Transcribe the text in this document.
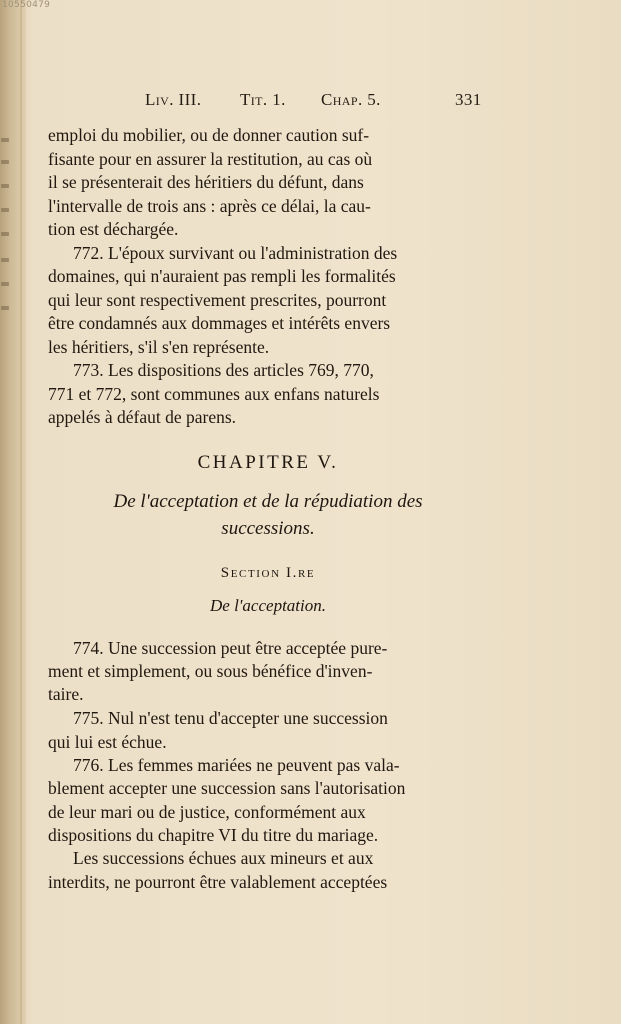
10550479
Liv. III. Tit. 1. Chap. 5.	331
emploi du mobilier, ou de donner caution suf-
fisante pour en assurer la restitution, au cas où
il se présenterait des héritiers du défunt, dans
l'intervalle de trois ans : après ce délai, la cau-
tion est déchargée.
772. L'époux survivant ou l'administration des
domaines, qui n'auraient pas rempli les formalités
qui leur sont respectivement prescrites, pourront
être condamnés aux dommages et intérêts envers
les héritiers, s'il s'en représente.
773. Les dispositions des articles 769, 770,
771 et 772, sont communes aux enfans naturels
appelés à défaut de parens.
CHAPITRE V.
De l'acceptation et de la répudiation des
successions.
Section I.re
De l'acceptation.
774. Une succession peut être acceptée pure-
ment et simplement, ou sous bénéfice d'inven-
taire.
775. Nul n'est tenu d'accepter une succession
qui lui est échue.
776. Les femmes mariées ne peuvent pas vala-
blement accepter une succession sans l'autorisation
de leur mari ou de justice, conformément aux
dispositions du chapitre VI du titre du mariage.
Les successions échues aux mineurs et aux
interdits, ne pourront être valablement acceptées
